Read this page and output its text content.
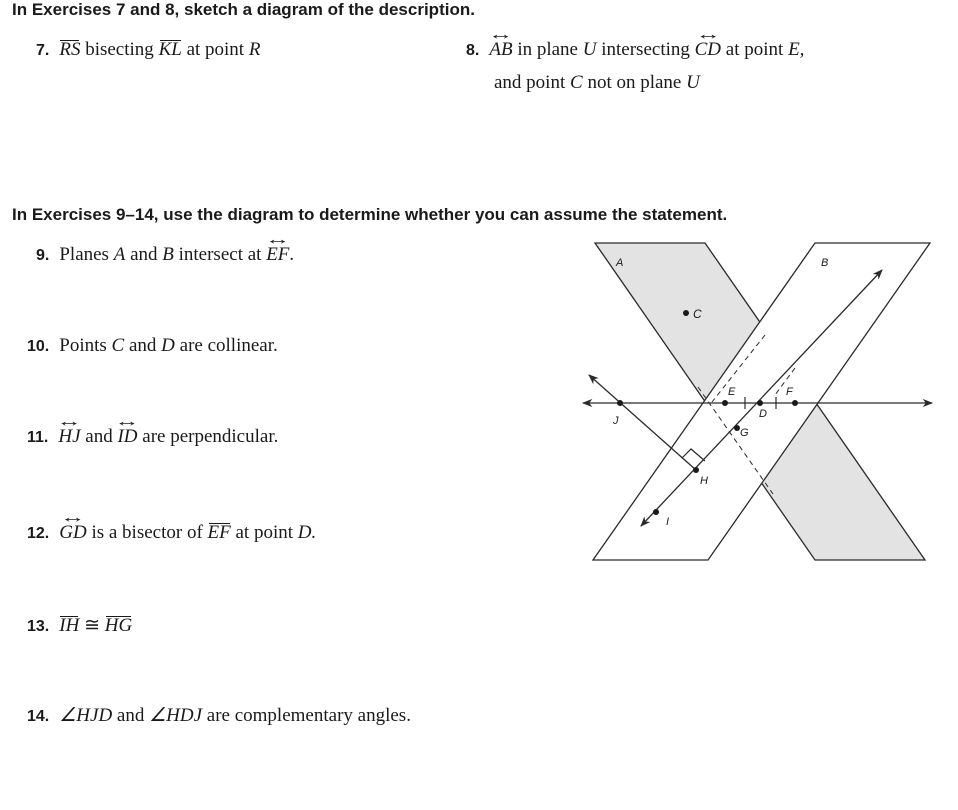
In Exercises 7 and 8, sketch a diagram of the description.
7. RS bisecting KL at point R	8. ↔ AB in plane U intersecting ↔ CD at point E,
and point C not on plane U
In Exercises 9–14, use the diagram to determine whether you can assume the statement.
9. Planes A and B intersect at ↔ EF.
10. Points C and D are collinear.
11. ↔ HJ and ↔ ID are perpendicular.
12. ↔ GD is a bisector of EF at point D.
13. IH ≅ HG
14. ∠HJD and ∠HDJ are complementary angles.
A	B
C
E	F
D
G
H
J
I
